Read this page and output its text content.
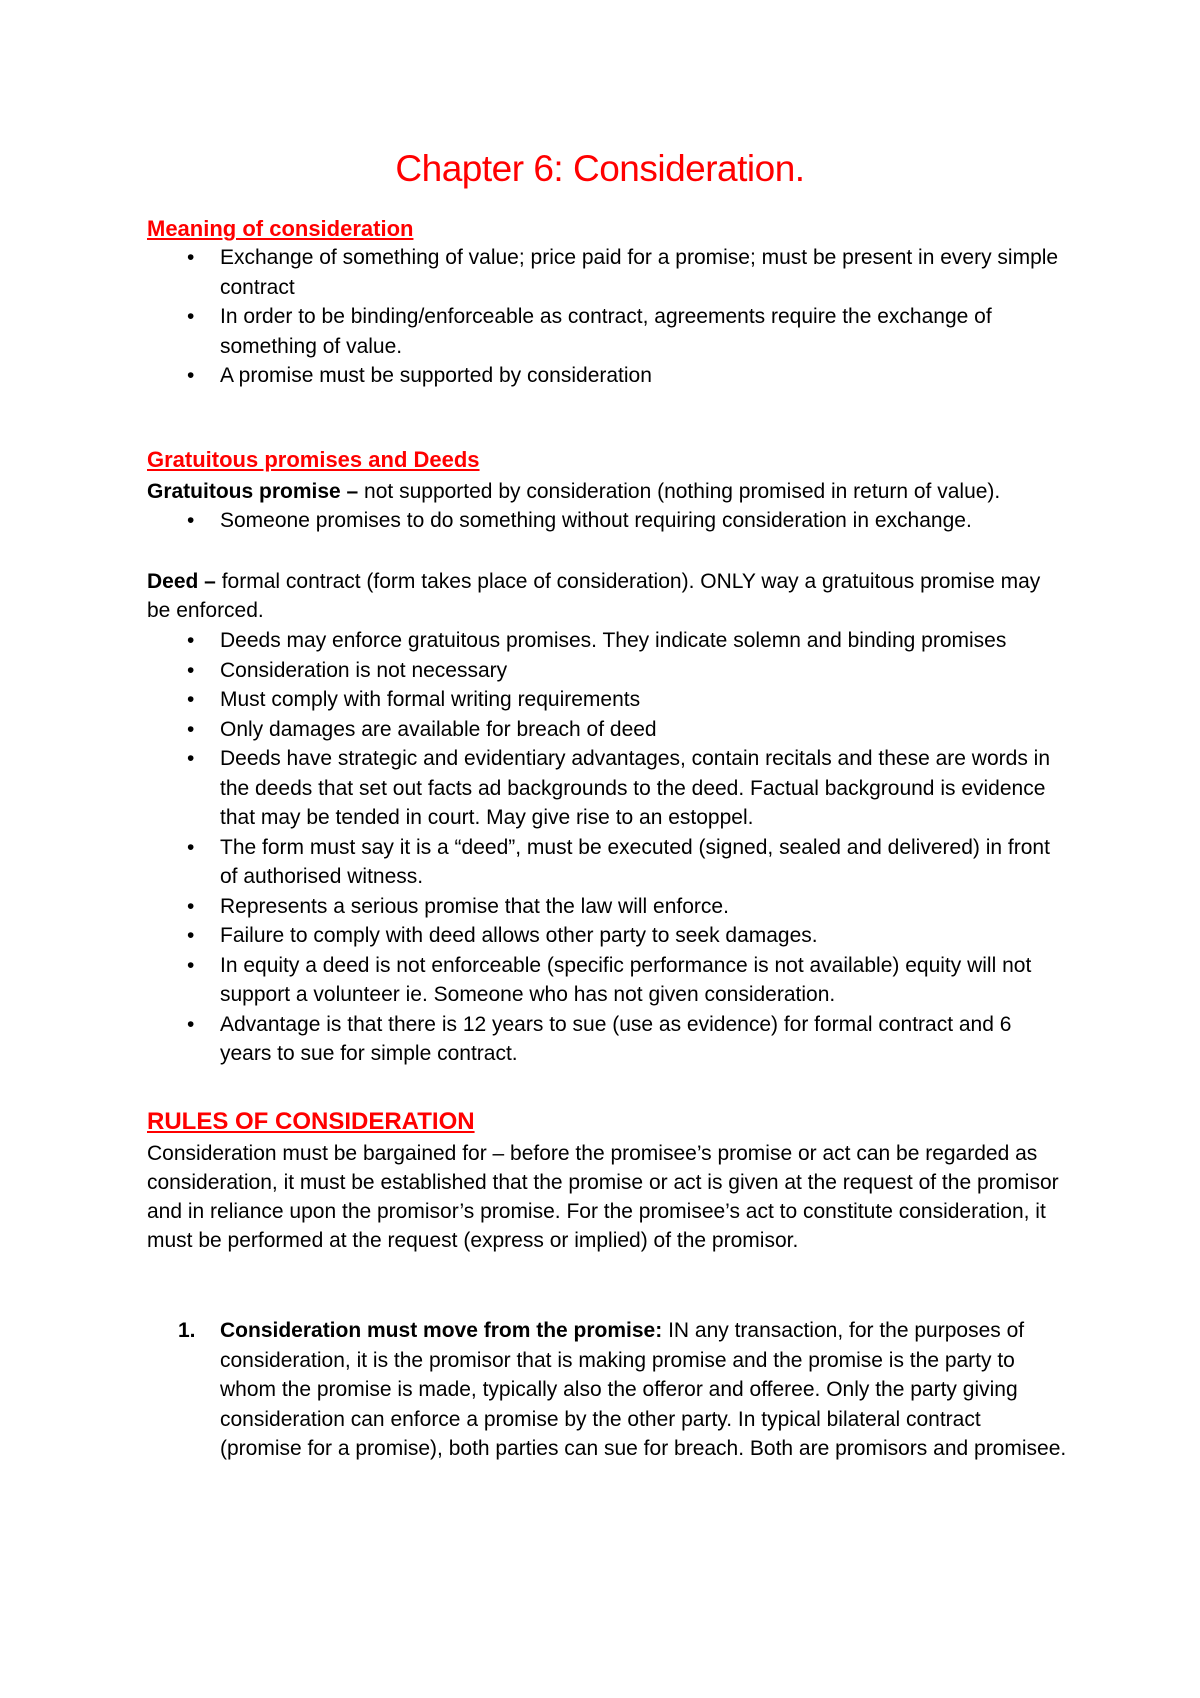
Chapter 6: Consideration.
Meaning of consideration
• Exchange of something of value; price paid for a promise; must be present in every simple contract
• In order to be binding/enforceable as contract, agreements require the exchange of something of value.
• A promise must be supported by consideration
Gratuitous promises and Deeds
Gratuitous promise – not supported by consideration (nothing promised in return of value).
• Someone promises to do something without requiring consideration in exchange.
Deed – formal contract (form takes place of consideration). ONLY way a gratuitous promise may be enforced.
• Deeds may enforce gratuitous promises. They indicate solemn and binding promises
• Consideration is not necessary
• Must comply with formal writing requirements
• Only damages are available for breach of deed
• Deeds have strategic and evidentiary advantages, contain recitals and these are words in the deeds that set out facts ad backgrounds to the deed. Factual background is evidence that may be tended in court. May give rise to an estoppel.
• The form must say it is a “deed”, must be executed (signed, sealed and delivered) in front of authorised witness.
• Represents a serious promise that the law will enforce.
• Failure to comply with deed allows other party to seek damages.
• In equity a deed is not enforceable (specific performance is not available) equity will not support a volunteer ie. Someone who has not given consideration.
• Advantage is that there is 12 years to sue (use as evidence) for formal contract and 6 years to sue for simple contract.
RULES OF CONSIDERATION
Consideration must be bargained for – before the promisee’s promise or act can be regarded as consideration, it must be established that the promise or act is given at the request of the promisor and in reliance upon the promisor’s promise. For the promisee’s act to constitute consideration, it must be performed at the request (express or implied) of the promisor.
1. Consideration must move from the promise: IN any transaction, for the purposes of consideration, it is the promisor that is making promise and the promise is the party to whom the promise is made, typically also the offeror and offeree. Only the party giving consideration can enforce a promise by the other party. In typical bilateral contract (promise for a promise), both parties can sue for breach. Both are promisors and promisee.
